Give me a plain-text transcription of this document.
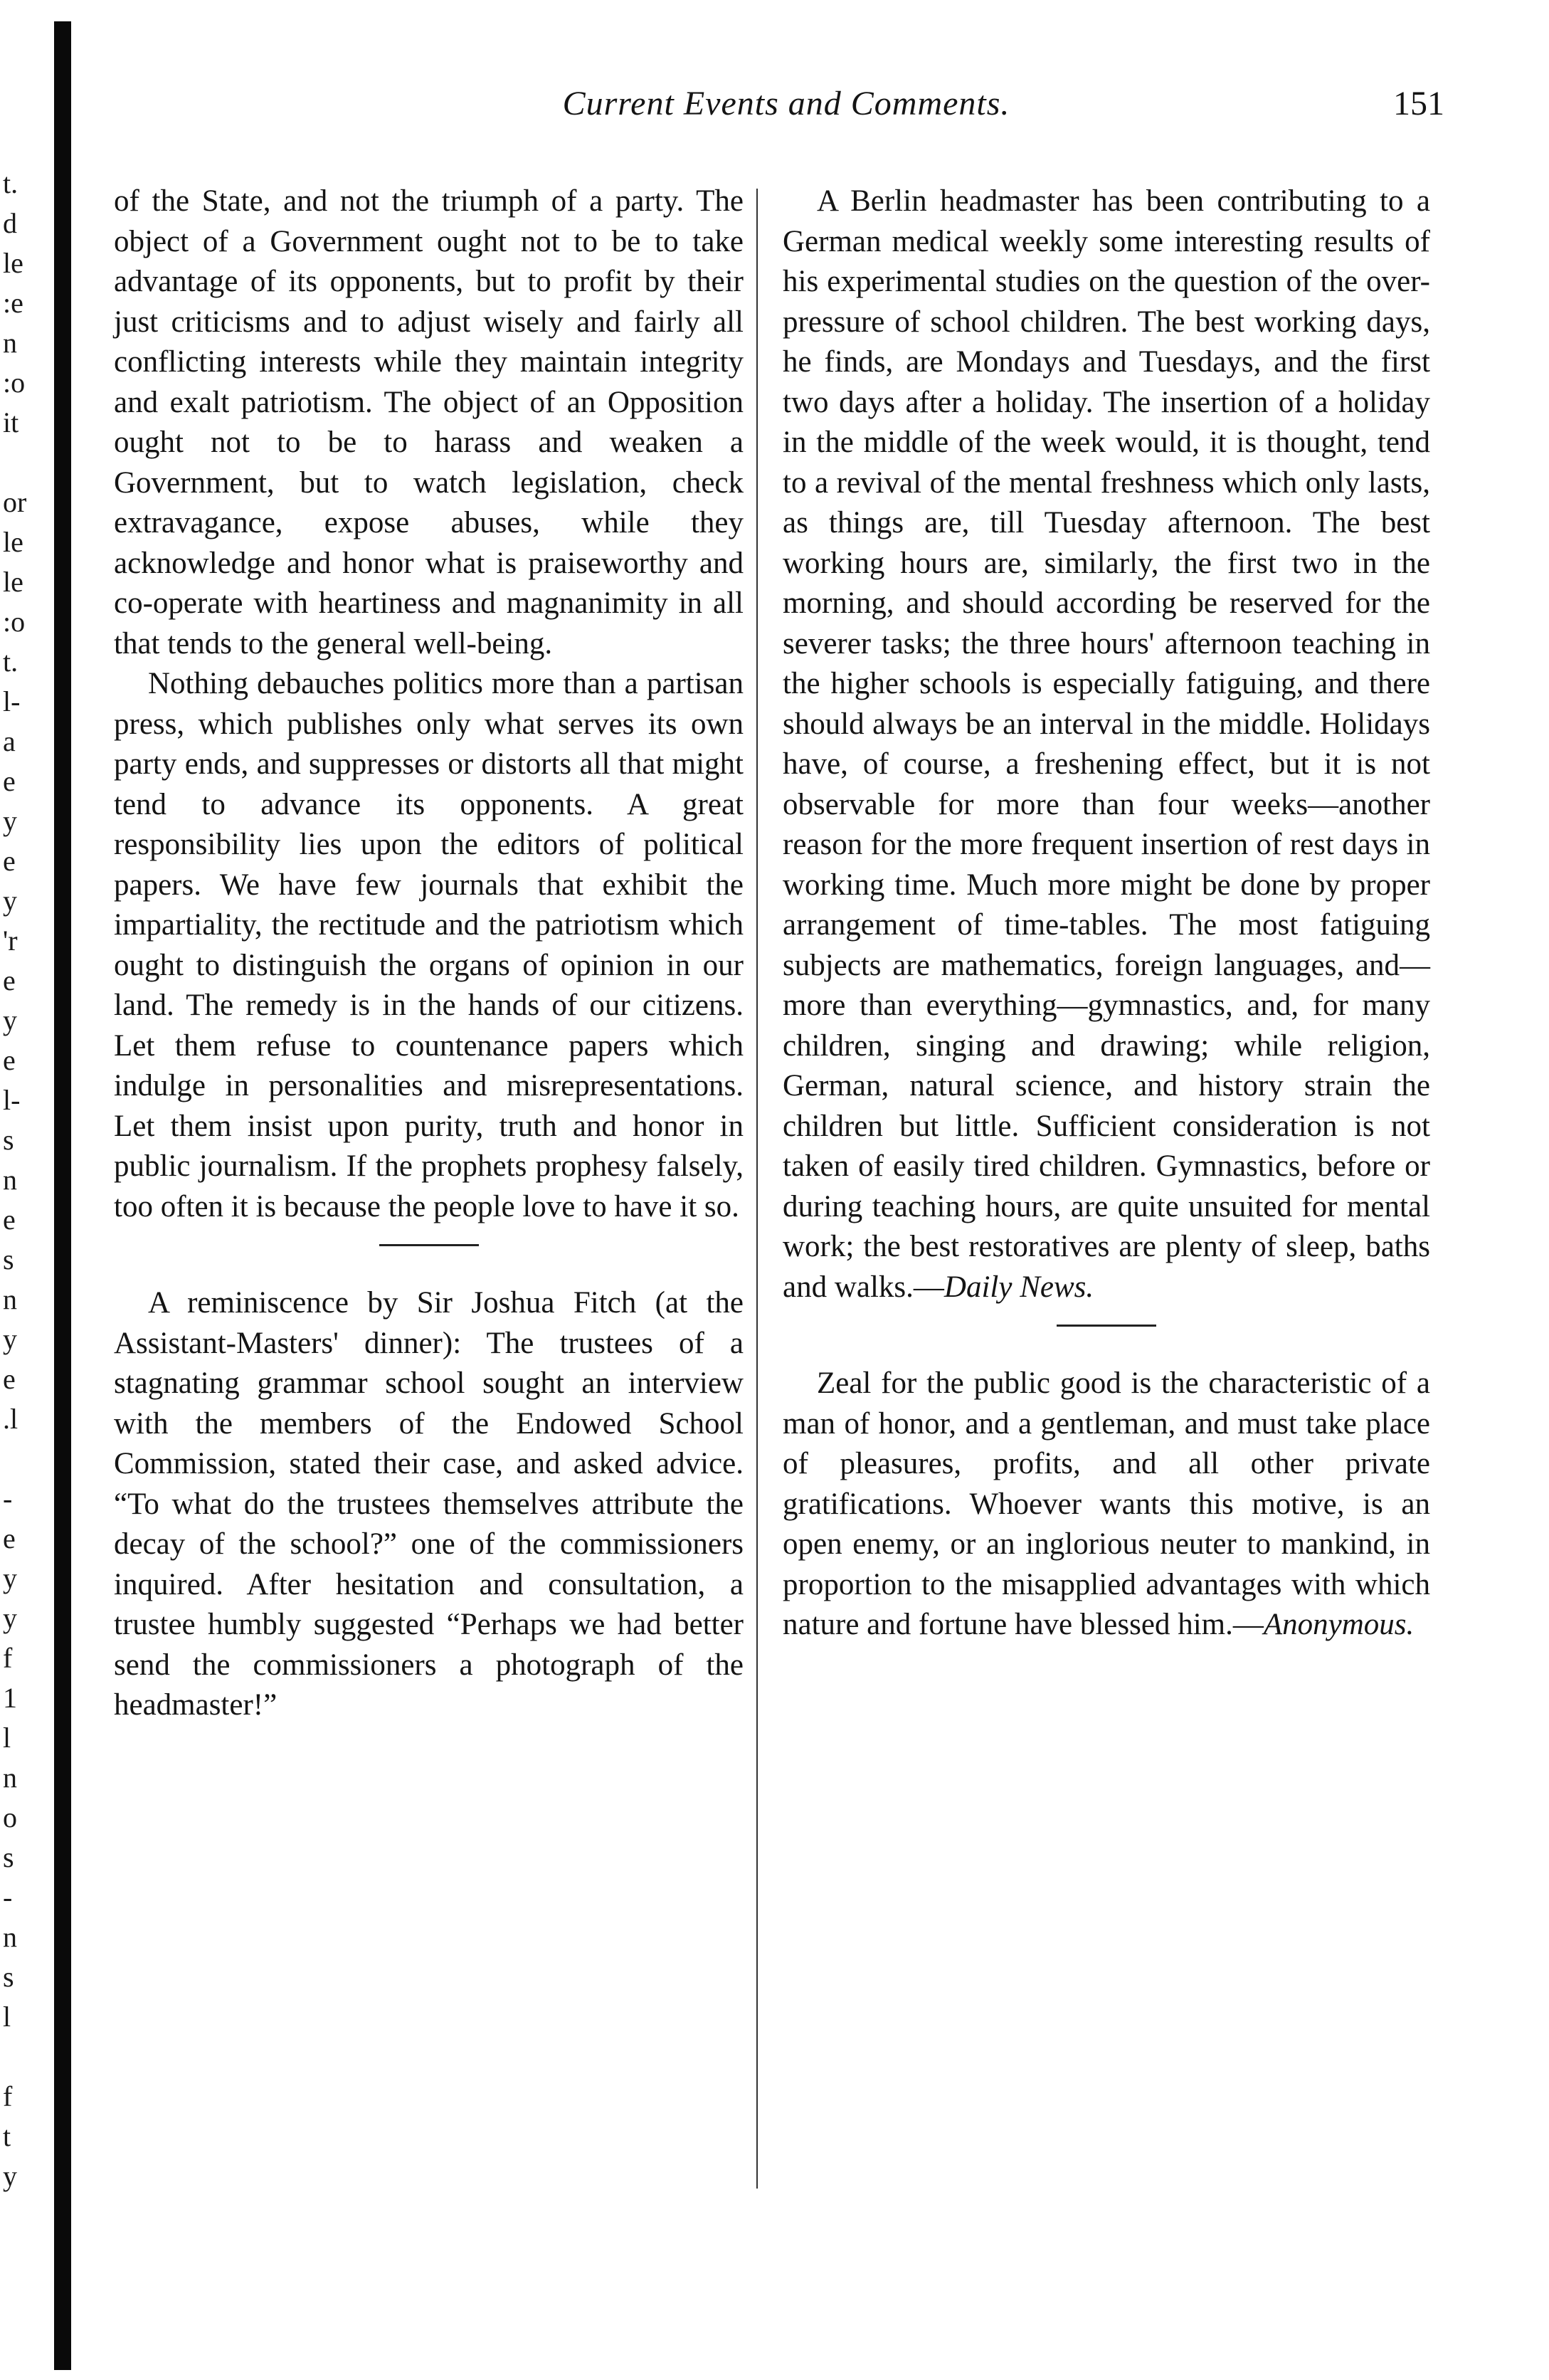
t.
d
le
:e
n
:o
it
or
le
le
:o
t.
l-
a
e
y
e
y
'r
e
y
e
l-
s
n
e
s
n
y
e
.l
-
e
y
y
f
1
l
n
o
s
-
n
s
l
f
t
y
Current Events and Comments.	151

of the State, and not the triumph of a party. The object of a Government ought not to be to take advantage of its opponents, but to profit by their just criticisms and to adjust wisely and fairly all conflicting interests while they maintain integrity and exalt patriotism. The object of an Opposition ought not to be to harass and weaken a Government, but to watch legislation, check extravagance, expose abuses, while they acknowledge and honor what is praiseworthy and co-operate with heartiness and magnanimity in all that tends to the general well-being.

Nothing debauches politics more than a partisan press, which publishes only what serves its own party ends, and suppresses or distorts all that might tend to advance its opponents. A great responsibility lies upon the editors of political papers. We have few journals that exhibit the impartiality, the rectitude and the patriotism which ought to distinguish the organs of opinion in our land. The remedy is in the hands of our citizens. Let them refuse to countenance papers which indulge in personalities and misrepresentations. Let them insist upon purity, truth and honor in public journalism. If the prophets prophesy falsely, too often it is because the people love to have it so.

A reminiscence by Sir Joshua Fitch (at the Assistant-Masters' dinner): The trustees of a stagnating grammar school sought an interview with the members of the Endowed School Commission, stated their case, and asked advice. “To what do the trustees themselves attribute the decay of the school?” one of the commissioners inquired. After hesitation and consultation, a trustee humbly suggested “Perhaps we had better send the commissioners a photograph of the headmaster!”

A Berlin headmaster has been contributing to a German medical weekly some interesting results of his experimental studies on the question of the over-pressure of school children. The best working days, he finds, are Mondays and Tuesdays, and the first two days after a holiday. The insertion of a holiday in the middle of the week would, it is thought, tend to a revival of the mental freshness which only lasts, as things are, till Tuesday afternoon. The best working hours are, similarly, the first two in the morning, and should according be reserved for the severer tasks; the three hours' afternoon teaching in the higher schools is especially fatiguing, and there should always be an interval in the middle. Holidays have, of course, a freshening effect, but it is not observable for more than four weeks—another reason for the more frequent insertion of rest days in working time. Much more might be done by proper arrangement of time-tables. The most fatiguing subjects are mathematics, foreign languages, and—more than everything—gymnastics, and, for many children, singing and drawing; while religion, German, natural science, and history strain the children but little. Sufficient consideration is not taken of easily tired children. Gymnastics, before or during teaching hours, are quite unsuited for mental work; the best restoratives are plenty of sleep, baths and walks.—Daily News.

Zeal for the public good is the characteristic of a man of honor, and a gentleman, and must take place of pleasures, profits, and all other private gratifications. Whoever wants this motive, is an open enemy, or an inglorious neuter to mankind, in proportion to the misapplied advantages with which nature and fortune have blessed him.—Anonymous.
